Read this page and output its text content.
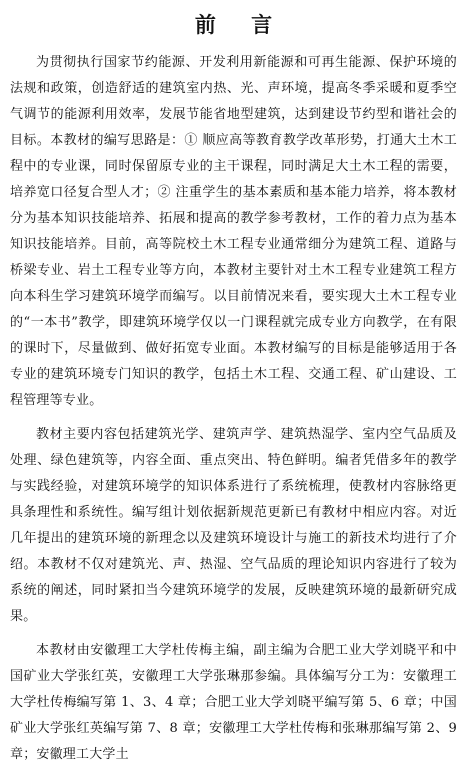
前 言

为贯彻执行国家节约能源、开发利用新能源和可再生能源、保护环境的法规和政策，创造舒适的建筑室内热、光、声环境，提高冬季采暖和夏季空气调节的能源利用效率，发展节能省地型建筑，达到建设节约型和谐社会的目标。本教材的编写思路是：① 顺应高等教育教学改革形势，打通大土木工程中的专业课，同时保留原专业的主干课程，同时满足大土木工程的需要，培养宽口径复合型人才；② 注重学生的基本素质和基本能力培养，将本教材分为基本知识技能培养、拓展和提高的教学参考教材，工作的着力点为基本知识技能培养。目前，高等院校土木工程专业通常细分为建筑工程、道路与桥梁专业、岩土工程专业等方向，本教材主要针对土木工程专业建筑工程方向本科生学习建筑环境学而编写。以目前情况来看，要实现大土木工程专业的“一本书”教学，即建筑环境学仅以一门课程就完成专业方向教学，在有限的课时下，尽量做到、做好拓宽专业面。本教材编写的目标是能够适用于各专业的建筑环境专门知识的教学，包括土木工程、交通工程、矿山建设、工程管理等专业。

教材主要内容包括建筑光学、建筑声学、建筑热湿学、室内空气品质及处理、绿色建筑等，内容全面、重点突出、特色鲜明。编者凭借多年的教学与实践经验，对建筑环境学的知识体系进行了系统梳理，使教材内容脉络更具条理性和系统性。编写组计划依据新规范更新已有教材中相应内容。对近几年提出的建筑环境的新理念以及建筑环境设计与施工的新技术均进行了介绍。本教材不仅对建筑光、声、热湿、空气品质的理论知识内容进行了较为系统的阐述，同时紧扣当今建筑环境学的发展，反映建筑环境的最新研究成果。

本教材由安徽理工大学杜传梅主编，副主编为合肥工业大学刘晓平和中国矿业大学张红英，安徽理工大学张琳那参编。具体编写分工为：安徽理工大学杜传梅编写第 1、3、4 章；合肥工业大学刘晓平编写第 5、6 章；中国矿业大学张红英编写第 7、8 章；安徽理工大学杜传梅和张琳那编写第 2、9 章；安徽理工大学土
